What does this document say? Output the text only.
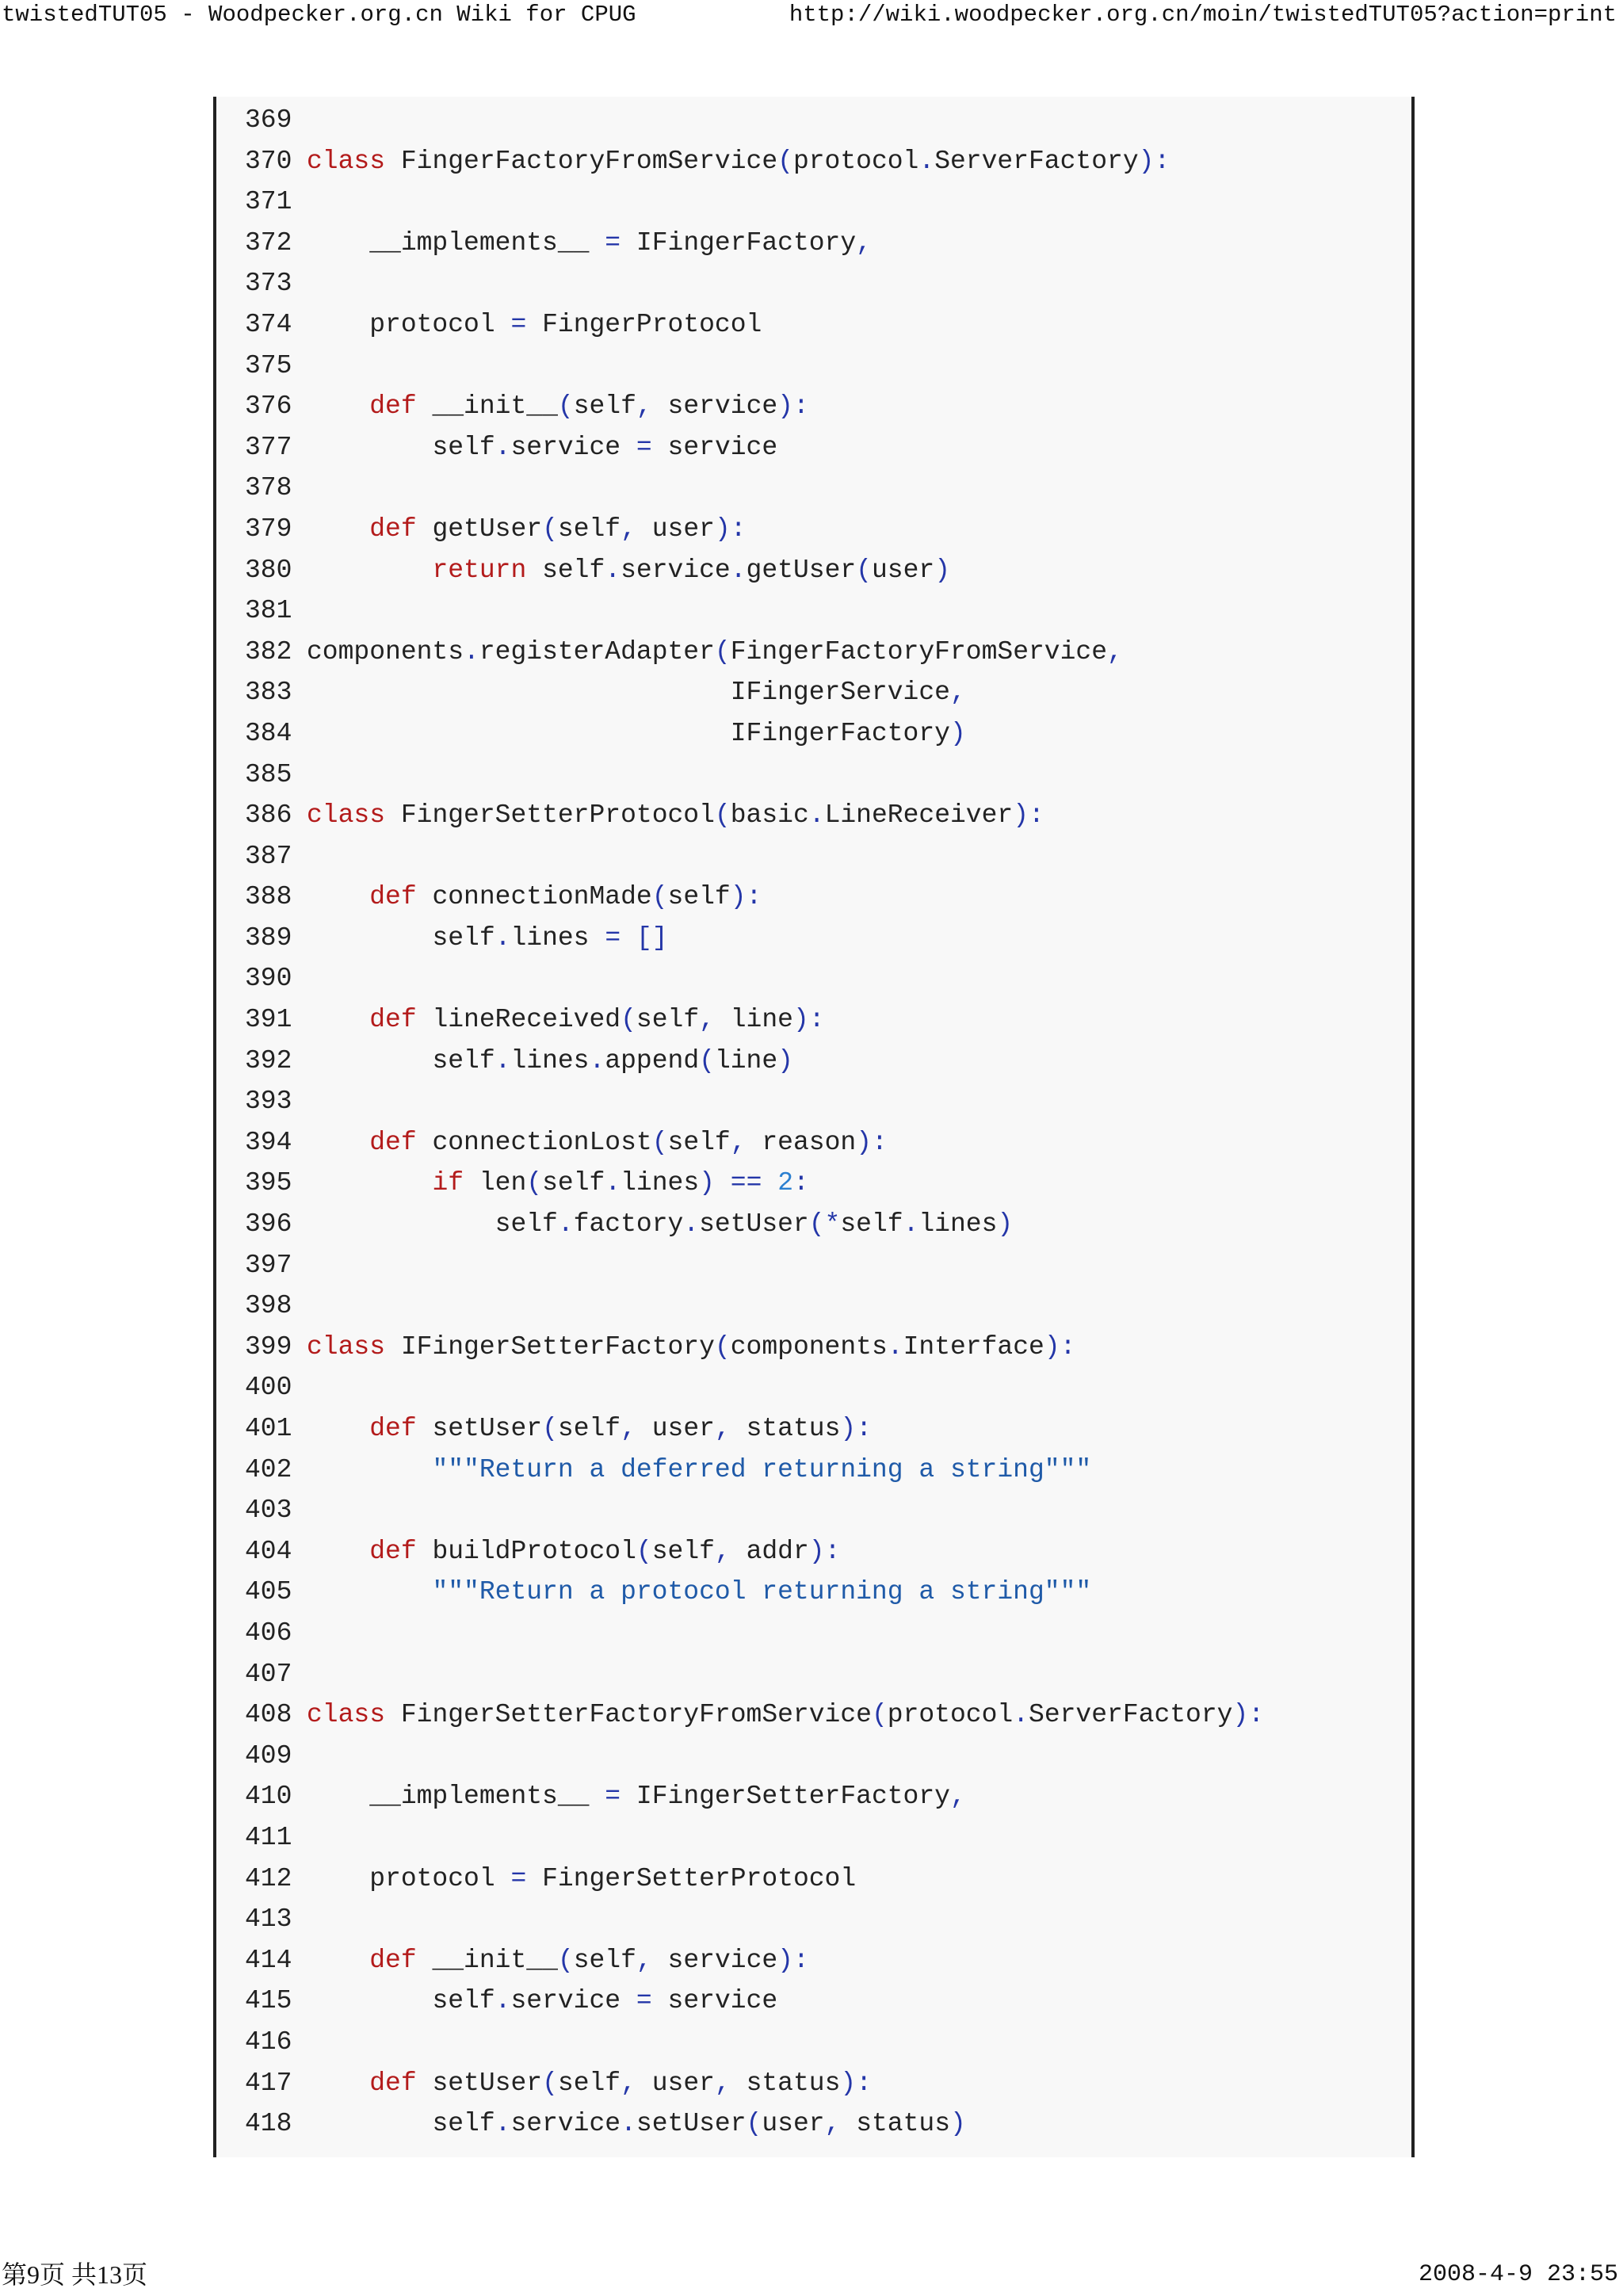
twistedTUT05 - Woodpecker.org.cn Wiki for CPUG	http://wiki.woodpecker.org.cn/moin/twistedTUT05?action=print
369
370 class FingerFactoryFromService(protocol.ServerFactory):
371
372	__implements__ = IFingerFactory,
373
374	protocol = FingerProtocol
375
376	def __init__(self, service):
377	self.service = service
378
379	def getUser(self, user):
380	return self.service.getUser(user)
381
382 components.registerAdapter(FingerFactoryFromService,
383	IFingerService,
384	IFingerFactory)
385
386 class FingerSetterProtocol(basic.LineReceiver):
387
388	def connectionMade(self):
389	self.lines = []
390
391	def lineReceived(self, line):
392	self.lines.append(line)
393
394	def connectionLost(self, reason):
395	if len(self.lines) == 2:
396	self.factory.setUser(*self.lines)
397
398
399 class IFingerSetterFactory(components.Interface):
400
401	def setUser(self, user, status):
402	"""Return a deferred returning a string"""
403
404	def buildProtocol(self, addr):
405	"""Return a protocol returning a string"""
406
407
408 class FingerSetterFactoryFromService(protocol.ServerFactory):
409
410	__implements__ = IFingerSetterFactory,
411
412	protocol = FingerSetterProtocol
413
414	def __init__(self, service):
415	self.service = service
416
417	def setUser(self, user, status):
418	self.service.setUser(user, status)
第9页 共13页	2008-4-9 23:55
